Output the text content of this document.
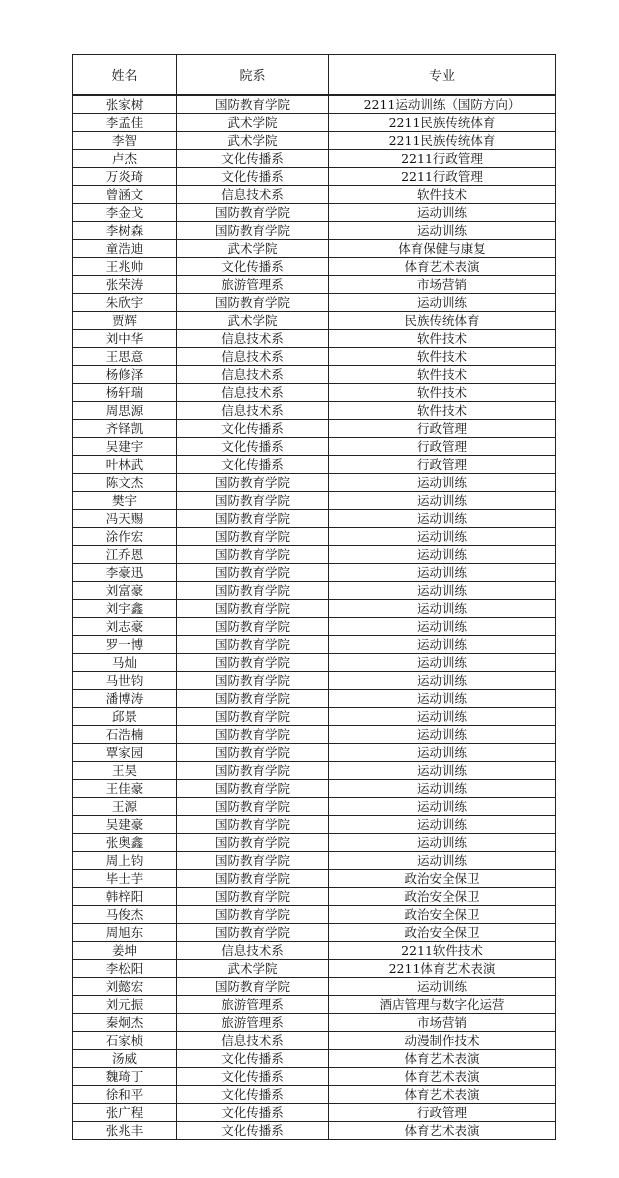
姓名	院系	专业
张家树	国防教育学院	2211运动训练（国防方向）
李孟佳	武术学院	2211民族传统体育
李智	武术学院	2211民族传统体育
卢杰	文化传播系	2211行政管理
万炎琦	文化传播系	2211行政管理
曾涵文	信息技术系	软件技术
李金戈	国防教育学院	运动训练
李树森	国防教育学院	运动训练
童浩迪	武术学院	体育保健与康复
王兆帅	文化传播系	体育艺术表演
张荣涛	旅游管理系	市场营销
朱欣宇	国防教育学院	运动训练
贾辉	武术学院	民族传统体育
刘中华	信息技术系	软件技术
王思意	信息技术系	软件技术
杨修泽	信息技术系	软件技术
杨轩瑞	信息技术系	软件技术
周思源	信息技术系	软件技术
齐铎凯	文化传播系	行政管理
吴建宇	文化传播系	行政管理
叶林武	文化传播系	行政管理
陈文杰	国防教育学院	运动训练
樊宇	国防教育学院	运动训练
冯天赐	国防教育学院	运动训练
涂作宏	国防教育学院	运动训练
江乔恩	国防教育学院	运动训练
李豪迅	国防教育学院	运动训练
刘富豪	国防教育学院	运动训练
刘宇鑫	国防教育学院	运动训练
刘志豪	国防教育学院	运动训练
罗一博	国防教育学院	运动训练
马灿	国防教育学院	运动训练
马世钧	国防教育学院	运动训练
潘博涛	国防教育学院	运动训练
邱景	国防教育学院	运动训练
石浩楠	国防教育学院	运动训练
覃家园	国防教育学院	运动训练
王昊	国防教育学院	运动训练
王佳豪	国防教育学院	运动训练
王源	国防教育学院	运动训练
吴建豪	国防教育学院	运动训练
张奥鑫	国防教育学院	运动训练
周上钧	国防教育学院	运动训练
毕士芋	国防教育学院	政治安全保卫
韩梓阳	国防教育学院	政治安全保卫
马俊杰	国防教育学院	政治安全保卫
周旭东	国防教育学院	政治安全保卫
姜坤	信息技术系	2211软件技术
李松阳	武术学院	2211体育艺术表演
刘懿宏	国防教育学院	运动训练
刘元振	旅游管理系	酒店管理与数字化运营
秦炯杰	旅游管理系	市场营销
石家桢	信息技术系	动漫制作技术
汤威	文化传播系	体育艺术表演
魏琦丁	文化传播系	体育艺术表演
徐和平	文化传播系	体育艺术表演
张广程	文化传播系	行政管理
张兆丰	文化传播系	体育艺术表演
